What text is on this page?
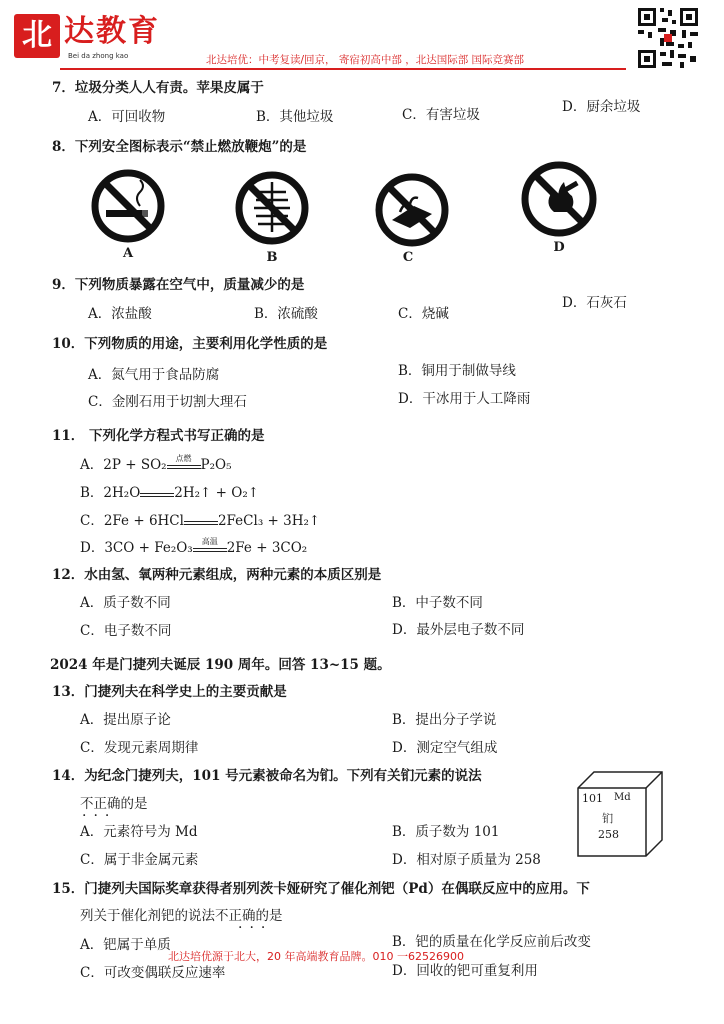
北 达教育
Bei da zhong kao	北达培优：中考复读/回京， 寄宿初高中部 ，北达国际部 国际竞赛部
7．垃圾分类人人有责。苹果皮属于
A．可回收物	B．其他垃圾	C．有害垃圾	D．厨余垃圾
8．下列安全图标表示“禁止燃放鞭炮”的是
A	B	C
D
9．下列物质暴露在空气中，质量减少的是
A．浓盐酸	B．浓硫酸	C．烧碱
D．石灰石
10．下列物质的用途，主要利用化学性质的是
A．氮气用于食品防腐	B．铜用于制做导线
C．金刚石用于切割大理石	D．干冰用于人工降雨
11． 下列化学方程式书写正确的是
A．2P + SO₂	点燃 P₂O₅
B．2H₂O	2H₂↑ + O₂↑
C．2Fe + 6HCl	2FeCl₃ + 3H₂↑
D．3CO + Fe₂O₃	高温 2Fe + 3CO₂
12．水由氢、氧两种元素组成，两种元素的本质区别是
A．质子数不同	B．中子数不同
C．电子数不同	D．最外层电子数不同
2024 年是门捷列夫诞辰 190 周年。回答 13~15 题。
13．门捷列夫在科学史上的主要贡献是
A．提出原子论	B．提出分子学说
C．发现元素周期律	D．测定空气组成
14．为纪念门捷列夫，101 号元素被命名为钔。下列有关钔元素的说法
不正确的是
···
A．元素符号为 Md	B．质子数为 101
C．属于非金属元素	D．相对原子质量为 258
101 Md
钔
258
15．门捷列夫国际奖章获得者别列茨卡娅研究了催化剂钯（Pd）在偶联反应中的应用。下
列关于催化剂钯的说法不正确的是
···
A．钯属于单质	B．钯的质量在化学反应前后改变
C．可改变偶联反应速率	D．回收的钯可重复利用
北达培优源于北大，20 年高端教育品牌。010 一62526900
